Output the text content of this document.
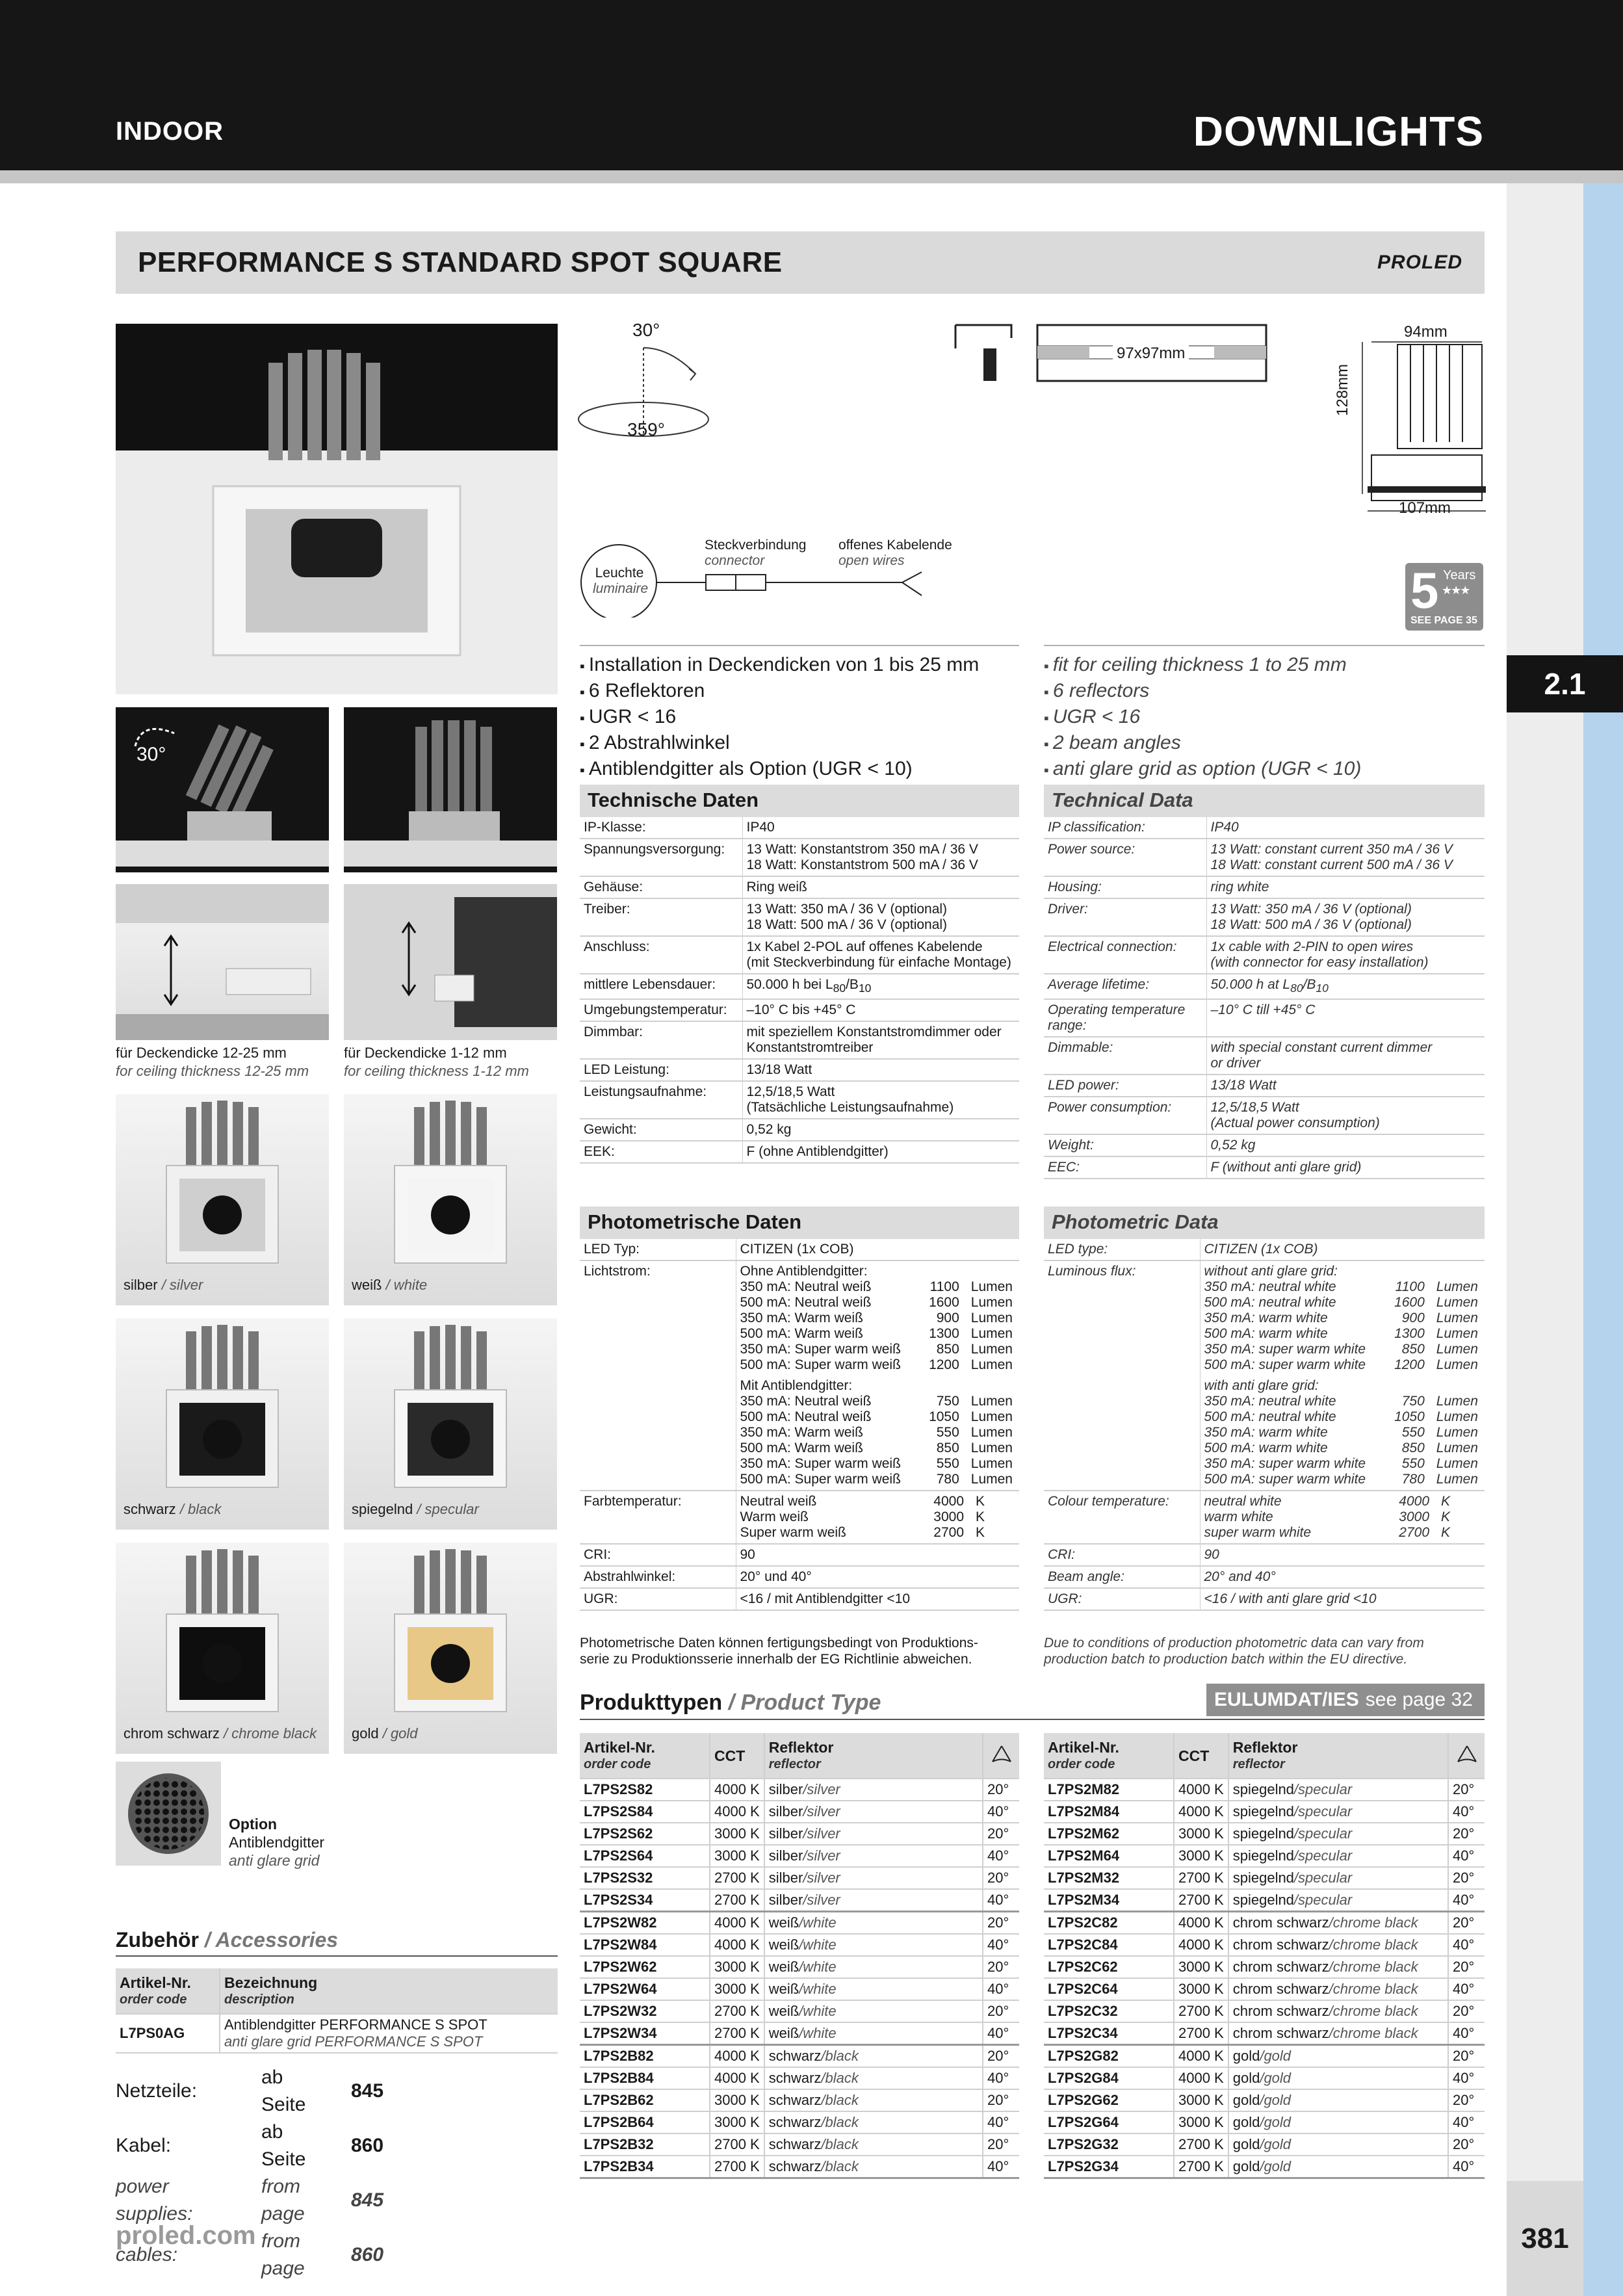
INDOOR	DOWNLIGHTS
2.1
381
PERFORMANCE S STANDARD SPOT SQUARE	PROLED
30°
für Deckendicke 12-25 mm
for ceiling thickness 12-25 mm
für Deckendicke 1-12 mm
for ceiling thickness 1-12 mm
silber / silver	weiß / white
schwarz / black	spiegelnd / specular
chrom schwarz / chrome black gold / gold
Option
Antiblendgitter
anti glare grid
30°
359°
97x97mm
94mm
128mm
107mm
Leuchte
luminaire
Steckverbindung
connector
offenes Kabelende
open wires
5 Years
★★★
SEE PAGE 35
▪ Installation in Deckendicken von 1 bis 25 mm
▪ 6 Reflektoren
▪ UGR < 16
▪ 2 Abstrahlwinkel
▪ Antiblendgitter als Option (UGR < 10)
▪ fit for ceiling thickness 1 to 25 mm
▪ 6 reflectors
▪ UGR < 16
▪ 2 beam angles
▪ anti glare grid as option (UGR < 10)
Technische Daten
IP-Klasse:	IP40
Spannungsversorgung:	13 Watt: Konstantstrom 350 mA / 36 V
18 Watt: Konstantstrom 500 mA / 36 V
Gehäuse:	Ring weiß
Treiber:	13 Watt: 350 mA / 36 V (optional)
18 Watt: 500 mA / 36 V (optional)
Anschluss:	1x Kabel 2-POL auf offenes Kabelende
(mit Steckverbindung für einfache Montage)
mittlere Lebensdauer:	50.000 h bei $L_{80}/B_{10}$
Umgebungstemperatur:	–10° C bis +45° C
Dimmbar:	mit speziellem Konstantstromdimmer oder
Konstantstromtreiber
LED Leistung:	13/18 Watt
Leistungsaufnahme:	12,5/18,5 Watt
(Tatsächliche Leistungsaufnahme)
Gewicht:	0,52 kg
EEK:	F (ohne Antiblendgitter)
Technical Data
IP classification:	IP40
Power source:	13 Watt: constant current 350 mA / 36 V
18 Watt: constant current 500 mA / 36 V
Housing:	ring white
Driver:	13 Watt: 350 mA / 36 V (optional)
18 Watt: 500 mA / 36 V (optional)
Electrical connection:	1x cable with 2-PIN to open wires
(with connector for easy installation)
Average lifetime:	50.000 h at $L_{80}/B_{10}$
Operating temperature range:	–10° C till +45° C
Dimmable:	with special constant current dimmer
or driver
LED power:	13/18 Watt
Power consumption:	12,5/18,5 Watt
(Actual power consumption)
Weight:	0,52 kg
EEC:	F (without anti glare grid)
Photometrische Daten
LED Typ:	CITIZEN (1x COB)
Lichtstrom:	Ohne Antiblendgitter:
350 mA: Neutral weiß	1100	Lumen
500 mA: Neutral weiß	1600	Lumen
350 mA: Warm weiß	900	Lumen
500 mA: Warm weiß	1300	Lumen
350 mA: Super warm weiß	850	Lumen
500 mA: Super warm weiß	1200	Lumen
Mit Antiblendgitter:
350 mA: Neutral weiß	750	Lumen
500 mA: Neutral weiß	1050	Lumen
350 mA: Warm weiß	550	Lumen
500 mA: Warm weiß	850	Lumen
350 mA: Super warm weiß	550	Lumen
500 mA: Super warm weiß	780	Lumen

Farbtemperatur:		Neutral weiß	4000	K
Warm weiß	3000	K
Super warm weiß	2700	K

CRI:	90
Abstrahlwinkel:	20° und 40°
UGR:	<16 / mit Antiblendgitter <10
Photometric Data
LED type:	CITIZEN (1x COB)
Luminous flux:	without anti glare grid:
350 mA: neutral white	1100	Lumen
500 mA: neutral white	1600	Lumen
350 mA: warm white	900	Lumen
500 mA: warm white	1300	Lumen
350 mA: super warm white	850	Lumen
500 mA: super warm white	1200	Lumen
with anti glare grid:
350 mA: neutral white	750	Lumen
500 mA: neutral white	1050	Lumen
350 mA: warm white	550	Lumen
500 mA: warm white	850	Lumen
350 mA: super warm white	550	Lumen
500 mA: super warm white	780	Lumen

Colour temperature:		neutral white	4000	K
warm white	3000	K
super warm white	2700	K

CRI:	90
Beam angle:	20° and 40°
UGR:	<16 / with anti glare grid <10
Photometrische Daten können fertigungsbedingt von Produktions-
serie zu Produktionsserie innerhalb der EG Richtlinie abweichen.
Due to conditions of production photometric data can vary from
production batch to production batch within the EU directive.
Produkttypen / Product Type	EULUMDAT/IES see page 32
Artikel-Nr.
order code	CCT	Reflektor
reflector

L7PS2S82	4000 K	silber/silver	20°
L7PS2S84	4000 K	silber/silver	40°
L7PS2S62	3000 K	silber/silver	20°
L7PS2S64	3000 K	silber/silver	40°
L7PS2S32	2700 K	silber/silver	20°
L7PS2S34	2700 K	silber/silver	40°
L7PS2W82	4000 K	weiß/white	20°
L7PS2W84	4000 K	weiß/white	40°
L7PS2W62	3000 K	weiß/white	20°
L7PS2W64	3000 K	weiß/white	40°
L7PS2W32	2700 K	weiß/white	20°
L7PS2W34	2700 K	weiß/white	40°
L7PS2B82	4000 K	schwarz/black	20°
L7PS2B84	4000 K	schwarz/black	40°
L7PS2B62	3000 K	schwarz/black	20°
L7PS2B64	3000 K	schwarz/black	40°
L7PS2B32	2700 K	schwarz/black	20°
L7PS2B34	2700 K	schwarz/black	40°
Artikel-Nr.
order code	CCT	Reflektor
reflector

L7PS2M82	4000 K	spiegelnd/specular	20°
L7PS2M84	4000 K	spiegelnd/specular	40°
L7PS2M62	3000 K	spiegelnd/specular	20°
L7PS2M64	3000 K	spiegelnd/specular	40°
L7PS2M32	2700 K	spiegelnd/specular	20°
L7PS2M34	2700 K	spiegelnd/specular	40°
L7PS2C82	4000 K	chrom schwarz/chrome black	20°
L7PS2C84	4000 K	chrom schwarz/chrome black	40°
L7PS2C62	3000 K	chrom schwarz/chrome black	20°
L7PS2C64	3000 K	chrom schwarz/chrome black	40°
L7PS2C32	2700 K	chrom schwarz/chrome black	20°
L7PS2C34	2700 K	chrom schwarz/chrome black	40°
L7PS2G82	4000 K	gold/gold	20°
L7PS2G84	4000 K	gold/gold	40°
L7PS2G62	3000 K	gold/gold	20°
L7PS2G64	3000 K	gold/gold	40°
L7PS2G32	2700 K	gold/gold	20°
L7PS2G34	2700 K	gold/gold	40°
Zubehör / Accessories
Artikel-Nr.
order code	Bezeichnung
description

L7PS0AG	Antiblendgitter PERFORMANCE S SPOT
anti glare grid PERFORMANCE S SPOT
Netzteile:	ab Seite	845
Kabel:	ab Seite	860
power supplies:	from page	845
cables:	from page	860
proled.com
